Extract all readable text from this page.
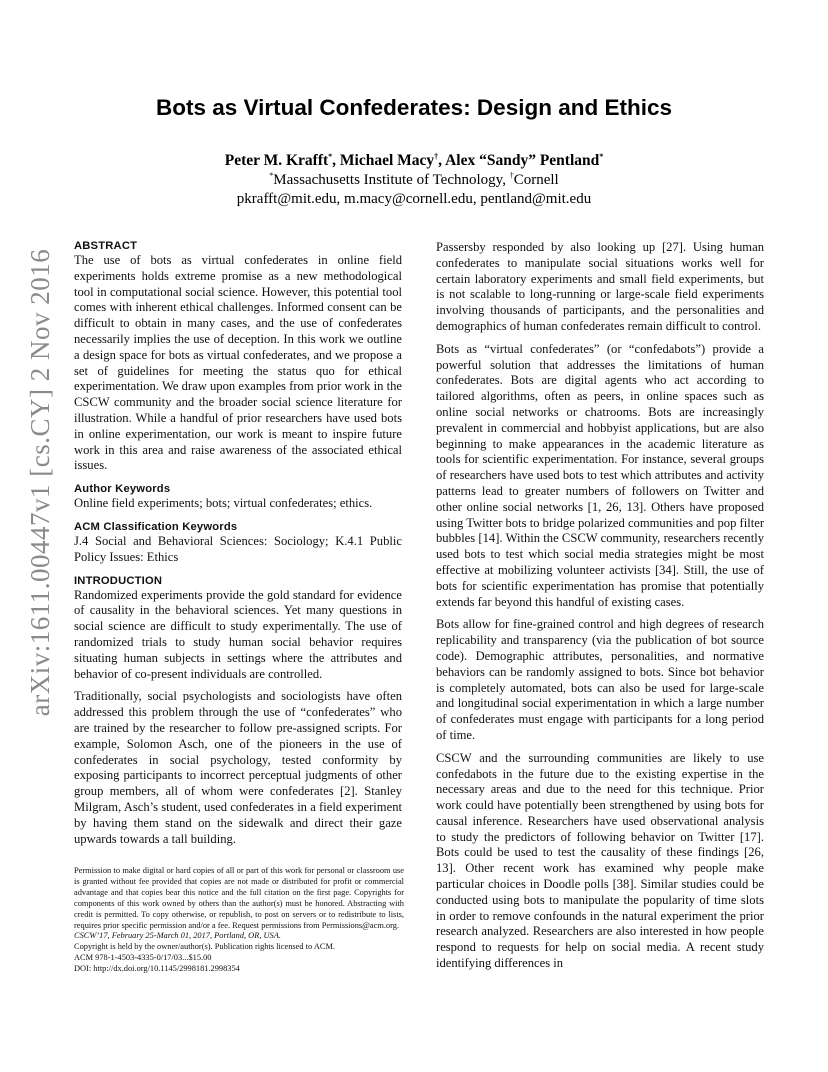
arXiv:1611.00447v1 [cs.CY] 2 Nov 2016
Bots as Virtual Confederates: Design and Ethics
Peter M. Krafft*, Michael Macy†, Alex “Sandy” Pentland*
*Massachusetts Institute of Technology, †Cornell
pkrafft@mit.edu, m.macy@cornell.edu, pentland@mit.edu
ABSTRACT

The use of bots as virtual confederates in online field experiments holds extreme promise as a new methodological tool in computational social science. However, this potential tool comes with inherent ethical challenges. Informed consent can be difficult to obtain in many cases, and the use of confederates necessarily implies the use of deception. In this work we outline a design space for bots as virtual confederates, and we propose a set of guidelines for meeting the status quo for ethical experimentation. We draw upon examples from prior work in the CSCW community and the broader social science literature for illustration. While a handful of prior researchers have used bots in online experimentation, our work is meant to inspire future work in this area and raise awareness of the associated ethical issues.

Author Keywords

Online field experiments; bots; virtual confederates; ethics.

ACM Classification Keywords

J.4 Social and Behavioral Sciences: Sociology; K.4.1 Public Policy Issues: Ethics

INTRODUCTION

Randomized experiments provide the gold standard for evidence of causality in the behavioral sciences. Yet many questions in social science are difficult to study experimentally. The use of randomized trials to study human social behavior requires situating human subjects in settings where the attributes and behavior of co-present individuals are controlled.

Traditionally, social psychologists and sociologists have often addressed this problem through the use of “confederates” who are trained by the researcher to follow pre-assigned scripts. For example, Solomon Asch, one of the pioneers in the use of confederates in social psychology, tested conformity by exposing participants to incorrect perceptual judgments of other group members, all of whom were confederates [2]. Stanley Milgram, Asch’s student, used confederates in a field experiment by having them stand on the sidewalk and direct their gaze upwards towards a tall building.

Permission to make digital or hard copies of all or part of this work for personal or classroom use is granted without fee provided that copies are not made or distributed for profit or commercial advantage and that copies bear this notice and the full citation on the first page. Copyrights for components of this work owned by others than the author(s) must be honored. Abstracting with credit is permitted. To copy otherwise, or republish, to post on servers or to redistribute to lists, requires prior specific permission and/or a fee. Request permissions from Permissions@acm.org.

CSCW’17, February 25-March 01, 2017, Portland, OR, USA.

Copyright is held by the owner/author(s). Publication rights licensed to ACM.

ACM 978-1-4503-4335-0/17/03...$15.00

DOI: http://dx.doi.org/10.1145/2998181.2998354

Passersby responded by also looking up [27]. Using human confederates to manipulate social situations works well for certain laboratory experiments and small field experiments, but is not scalable to long-running or large-scale field experiments involving thousands of participants, and the personalities and demographics of human confederates remain difficult to control.

Bots as “virtual confederates” (or “confedabots”) provide a powerful solution that addresses the limitations of human confederates. Bots are digital agents who act according to tailored algorithms, often as peers, in online spaces such as online social networks or chatrooms. Bots are increasingly prevalent in commercial and hobbyist applications, but are also beginning to make appearances in the academic literature as tools for scientific experimentation. For instance, several groups of researchers have used bots to test which attributes and activity patterns lead to greater numbers of followers on Twitter and other online social networks [1, 26, 13]. Others have proposed using Twitter bots to bridge polarized communities and pop filter bubbles [14]. Within the CSCW community, researchers recently used bots to test which social media strategies might be most effective at mobilizing volunteer activists [34]. Still, the use of bots for scientific experimentation has promise that potentially extends far beyond this handful of existing cases.

Bots allow for fine-grained control and high degrees of research replicability and transparency (via the publication of bot source code). Demographic attributes, personalities, and normative behaviors can be randomly assigned to bots. Since bot behavior is completely automated, bots can also be used for large-scale and longitudinal social experimentation in which a large number of confederates must engage with participants for a long period of time.

CSCW and the surrounding communities are likely to use confedabots in the future due to the existing expertise in the necessary areas and due to the need for this technique. Prior work could have potentially been strengthened by using bots for causal inference. Researchers have used observational analysis to study the predictors of following behavior on Twitter [17]. Bots could be used to test the causality of these findings [26, 13]. Other recent work has examined why people make particular choices in Doodle polls [38]. Similar studies could be conducted using bots to manipulate the popularity of time slots in order to remove confounds in the natural experiment the prior research analyzed. Researchers are also interested in how people respond to requests for help on social media. A recent study identifying differences in
